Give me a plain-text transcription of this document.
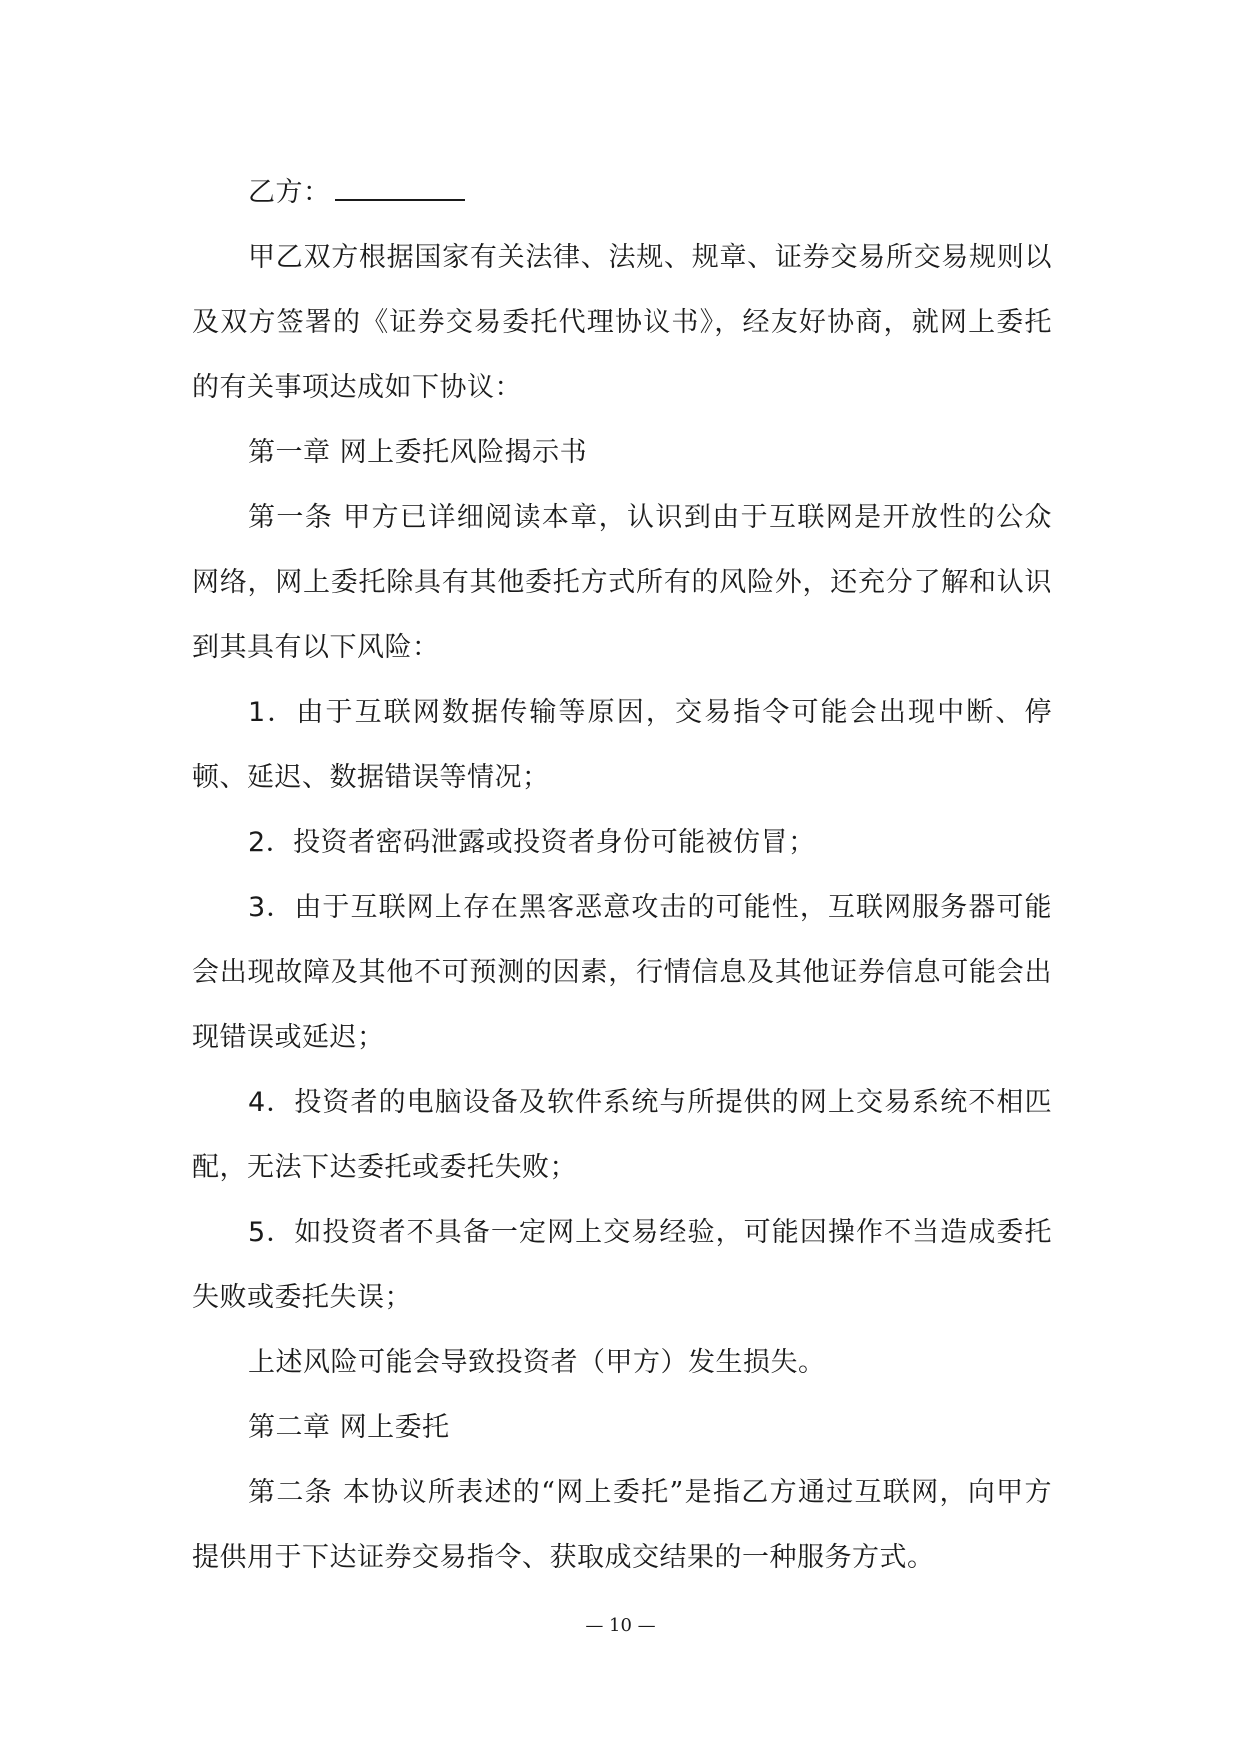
乙方：

甲乙双方根据国家有关法律、法规、规章、证券交易所交易规则以及双方签署的《证券交易委托代理协议书》，经友好协商，就网上委托的有关事项达成如下协议：

第一章 网上委托风险揭示书

第一条 甲方已详细阅读本章，认识到由于互联网是开放性的公众网络，网上委托除具有其他委托方式所有的风险外，还充分了解和认识到其具有以下风险：

1．由于互联网数据传输等原因，交易指令可能会出现中断、停顿、延迟、数据错误等情况；

2．投资者密码泄露或投资者身份可能被仿冒；

3．由于互联网上存在黑客恶意攻击的可能性，互联网服务器可能会出现故障及其他不可预测的因素，行情信息及其他证券信息可能会出现错误或延迟；

4．投资者的电脑设备及软件系统与所提供的网上交易系统不相匹配，无法下达委托或委托失败；

5．如投资者不具备一定网上交易经验，可能因操作不当造成委托失败或委托失误；

上述风险可能会导致投资者（甲方）发生损失。

第二章 网上委托

第二条 本协议所表述的“网上委托”是指乙方通过互联网，向甲方提供用于下达证券交易指令、获取成交结果的一种服务方式。

— 10 —
